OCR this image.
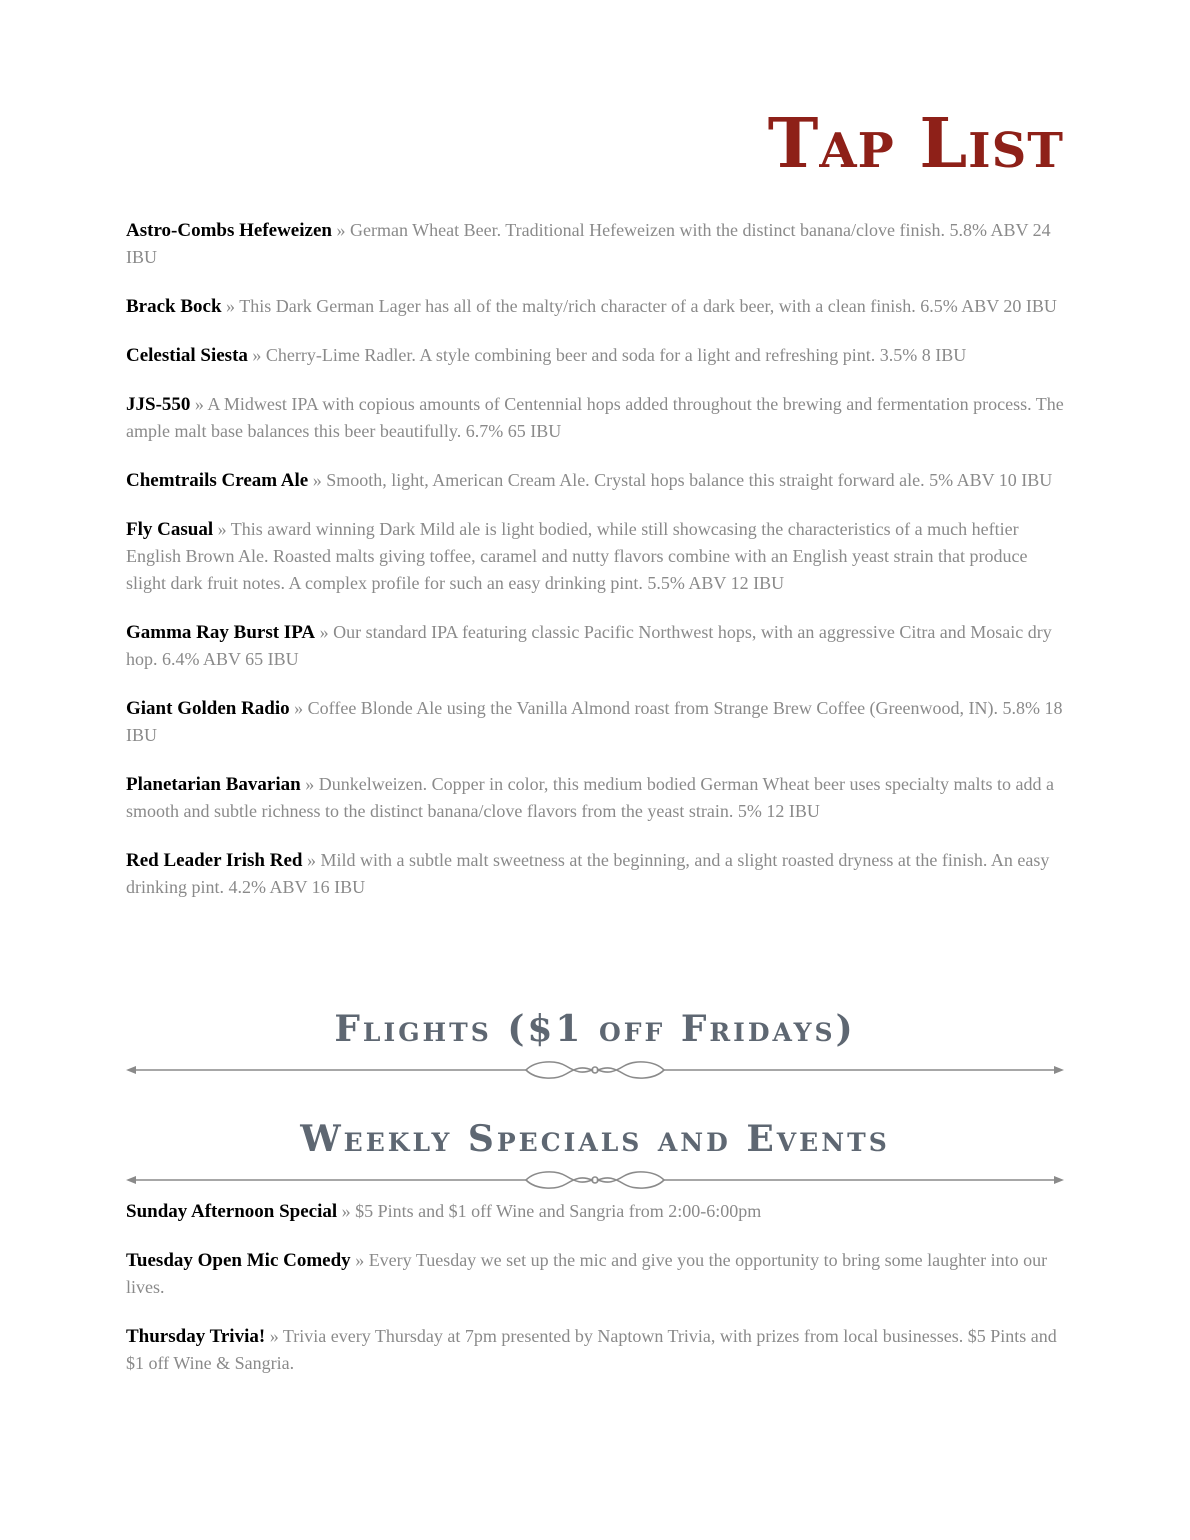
Tap List

Astro-Combs Hefeweizen » German Wheat Beer. Traditional Hefeweizen with the distinct banana/clove finish. 5.8% ABV 24 IBU

Brack Bock » This Dark German Lager has all of the malty/rich character of a dark beer, with a clean finish. 6.5% ABV 20 IBU

Celestial Siesta » Cherry-Lime Radler. A style combining beer and soda for a light and refreshing pint. 3.5% 8 IBU

JJS-550 » A Midwest IPA with copious amounts of Centennial hops added throughout the brewing and fermentation process. The ample malt base balances this beer beautifully. 6.7% 65 IBU

Chemtrails Cream Ale » Smooth, light, American Cream Ale. Crystal hops balance this straight forward ale. 5% ABV 10 IBU

Fly Casual » This award winning Dark Mild ale is light bodied, while still showcasing the characteristics of a much heftier English Brown Ale. Roasted malts giving toffee, caramel and nutty flavors combine with an English yeast strain that produce slight dark fruit notes. A complex profile for such an easy drinking pint. 5.5% ABV 12 IBU

Gamma Ray Burst IPA » Our standard IPA featuring classic Pacific Northwest hops, with an aggressive Citra and Mosaic dry hop. 6.4% ABV 65 IBU

Giant Golden Radio » Coffee Blonde Ale using the Vanilla Almond roast from Strange Brew Coffee (Greenwood, IN). 5.8% 18 IBU

Planetarian Bavarian » Dunkelweizen. Copper in color, this medium bodied German Wheat beer uses specialty malts to add a smooth and subtle richness to the distinct banana/clove flavors from the yeast strain. 5% 12 IBU

Red Leader Irish Red » Mild with a subtle malt sweetness at the beginning, and a slight roasted dryness at the finish. An easy drinking pint. 4.2% ABV 16 IBU

Flights ($1 off Fridays)
Weekly Specials and Events

Sunday Afternoon Special » $5 Pints and $1 off Wine and Sangria from 2:00-6:00pm

Tuesday Open Mic Comedy » Every Tuesday we set up the mic and give you the opportunity to bring some laughter into our lives.

Thursday Trivia! » Trivia every Thursday at 7pm presented by Naptown Trivia, with prizes from local businesses. $5 Pints and $1 off Wine & Sangria.
